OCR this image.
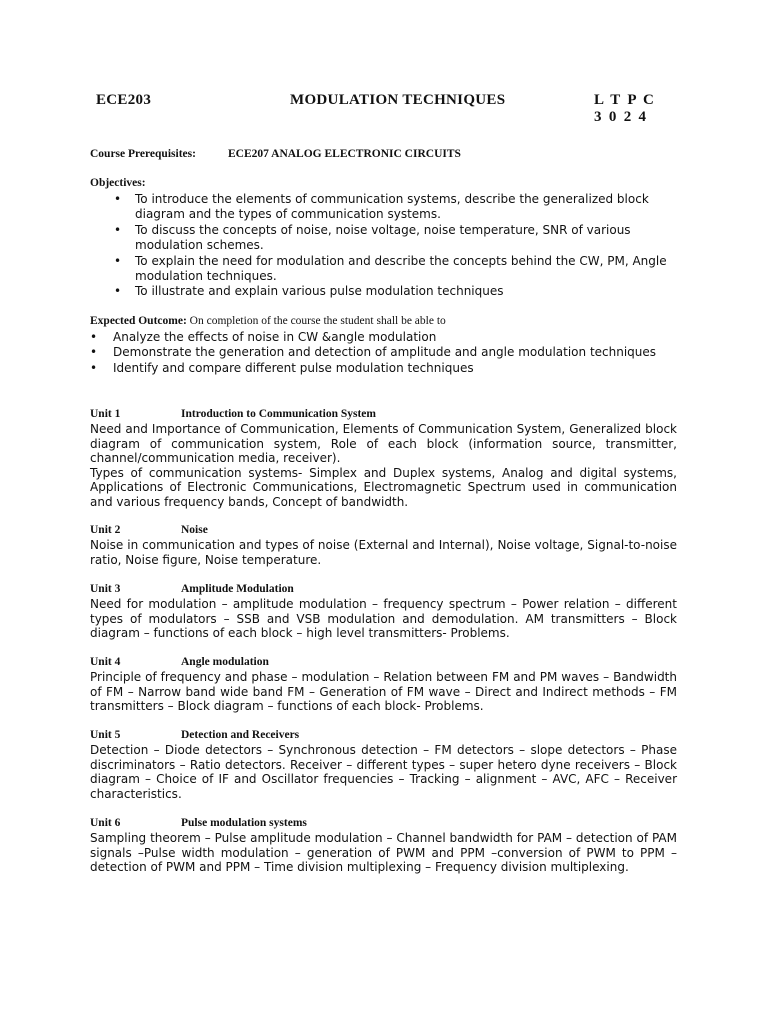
ECE203	MODULATION TECHNIQUES	L T P C
3 0 2 4
Course Prerequisites:	ECE207 ANALOG ELECTRONIC CIRCUITS
Objectives:
• To introduce the elements of communication systems, describe the generalized block diagram and the types of communication systems.
• To discuss the concepts of noise, noise voltage, noise temperature, SNR of various modulation schemes.
• To explain the need for modulation and describe the concepts behind the CW, PM, Angle modulation techniques.
• To illustrate and explain various pulse modulation techniques
Expected Outcome: On completion of the course the student shall be able to
• Analyze the effects of noise in CW &angle modulation
• Demonstrate the generation and detection of amplitude and angle modulation techniques
• Identify and compare different pulse modulation techniques
Unit 1	Introduction to Communication System

Need and Importance of Communication, Elements of Communication System, Generalized block diagram of communication system, Role of each block (information source, transmitter, channel/communication media, receiver).

Types of communication systems- Simplex and Duplex systems, Analog and digital systems, Applications of Electronic Communications, Electromagnetic Spectrum used in communication and various frequency bands, Concept of bandwidth.

Unit 2	Noise

Noise in communication and types of noise (External and Internal), Noise voltage, Signal-to-noise ratio, Noise figure, Noise temperature.

Unit 3	Amplitude Modulation

Need for modulation – amplitude modulation – frequency spectrum – Power relation – different types of modulators – SSB and VSB modulation and demodulation. AM transmitters – Block diagram – functions of each block – high level transmitters- Problems.

Unit 4	Angle modulation

Principle of frequency and phase – modulation – Relation between FM and PM waves – Bandwidth of FM – Narrow band wide band FM – Generation of FM wave – Direct and Indirect methods – FM transmitters – Block diagram – functions of each block- Problems.

Unit 5	Detection and Receivers

Detection – Diode detectors – Synchronous detection – FM detectors – slope detectors – Phase discriminators – Ratio detectors. Receiver – different types – super hetero dyne receivers – Block diagram – Choice of IF and Oscillator frequencies – Tracking – alignment – AVC, AFC – Receiver characteristics.

Unit 6	Pulse modulation systems

Sampling theorem – Pulse amplitude modulation – Channel bandwidth for PAM – detection of PAM signals –Pulse width modulation – generation of PWM and PPM –conversion of PWM to PPM – detection of PWM and PPM – Time division multiplexing – Frequency division multiplexing.
